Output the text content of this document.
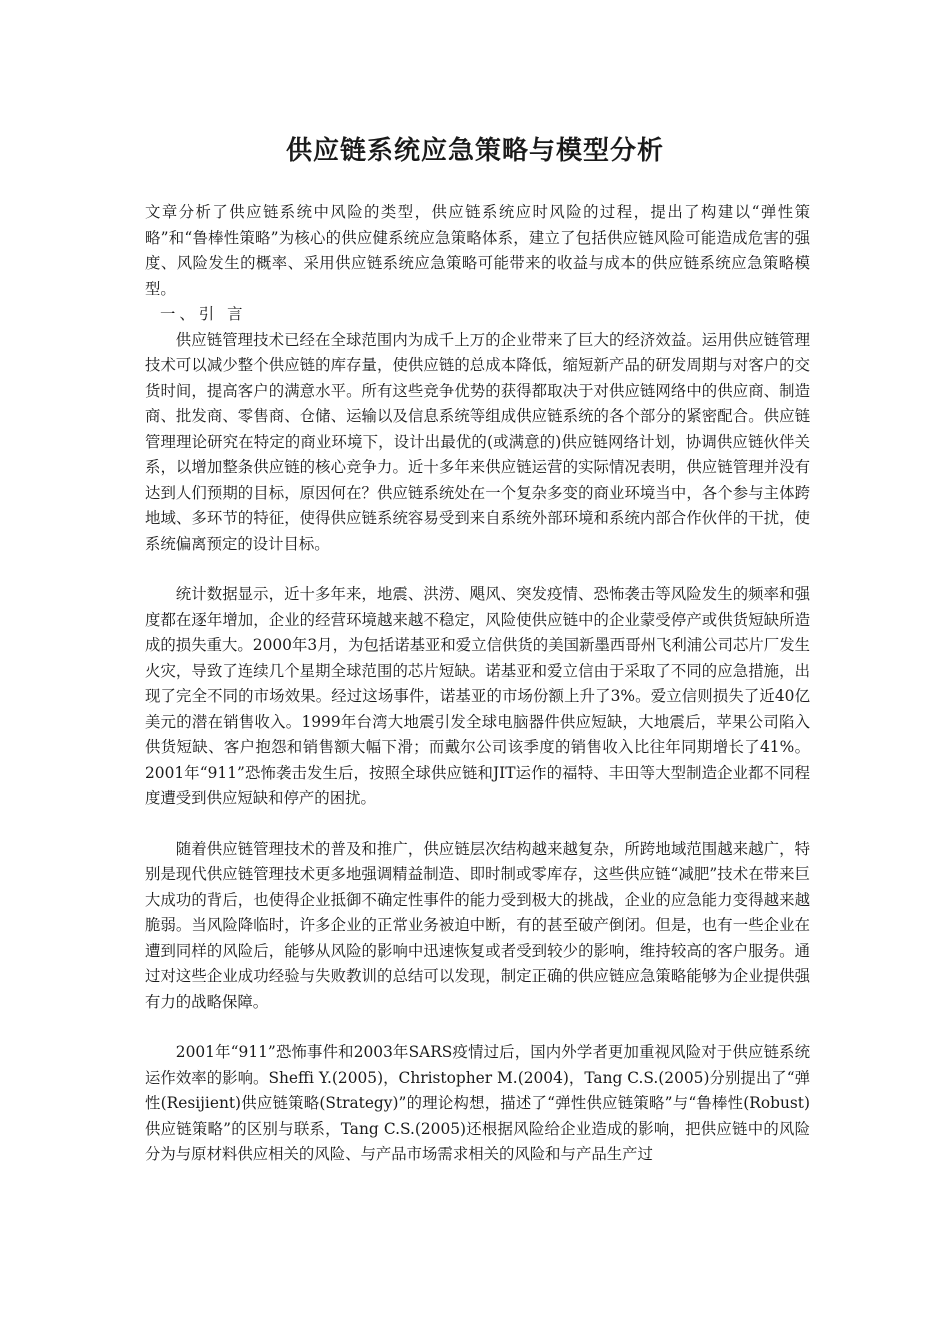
供应链系统应急策略与模型分析

文章分析了供应链系统中风险的类型，供应链系统应时风险的过程，提出了构建以“弹性策略”和“鲁棒性策略”为核心的供应健系统应急策略体系，建立了包括供应链风险可能造成危害的强度、风险发生的概率、采用供应链系统应急策略可能带来的收益与成本的供应链系统应急策略模型。

一、引 言

供应链管理技术已经在全球范围内为成千上万的企业带来了巨大的经济效益。运用供应链管理技术可以减少整个供应链的库存量，使供应链的总成本降低，缩短新产品的研发周期与对客户的交货时间，提高客户的满意水平。所有这些竞争优势的获得都取决于对供应链网络中的供应商、制造商、批发商、零售商、仓储、运输以及信息系统等组成供应链系统的各个部分的紧密配合。供应链管理理论研究在特定的商业环境下，设计出最优的(或满意的)供应链网络计划，协调供应链伙伴关系，以增加整条供应链的核心竞争力。近十多年来供应链运营的实际情况表明，供应链管理并没有达到人们预期的目标，原因何在？供应链系统处在一个复杂多变的商业环境当中，各个参与主体跨地域、多环节的特征，使得供应链系统容易受到来自系统外部环境和系统内部合作伙伴的干扰，使系统偏离预定的设计目标。

统计数据显示，近十多年来，地震、洪涝、飓风、突发疫情、恐怖袭击等风险发生的频率和强度都在逐年增加，企业的经营环境越来越不稳定，风险使供应链中的企业蒙受停产或供货短缺所造成的损失重大。2000年3月，为包括诺基亚和爱立信供货的美国新墨西哥州飞利浦公司芯片厂发生火灾，导致了连续几个星期全球范围的芯片短缺。诺基亚和爱立信由于采取了不同的应急措施，出现了完全不同的市场效果。经过这场事件，诺基亚的市场份额上升了3%。爱立信则损失了近40亿美元的潜在销售收入。1999年台湾大地震引发全球电脑器件供应短缺，大地震后，苹果公司陷入供货短缺、客户抱怨和销售额大幅下滑；而戴尔公司该季度的销售收入比往年同期增长了41%。2001年“911”恐怖袭击发生后，按照全球供应链和JIT运作的福特、丰田等大型制造企业都不同程度遭受到供应短缺和停产的困扰。

随着供应链管理技术的普及和推广，供应链层次结构越来越复杂，所跨地域范围越来越广，特别是现代供应链管理技术更多地强调精益制造、即时制或零库存，这些供应链“减肥”技术在带来巨大成功的背后，也使得企业抵御不确定性事件的能力受到极大的挑战，企业的应急能力变得越来越脆弱。当风险降临时，许多企业的正常业务被迫中断，有的甚至破产倒闭。但是，也有一些企业在遭到同样的风险后，能够从风险的影响中迅速恢复或者受到较少的影响，维持较高的客户服务。通过对这些企业成功经验与失败教训的总结可以发现，制定正确的供应链应急策略能够为企业提供强有力的战略保障。

2001年“911”恐怖事件和2003年SARS疫情过后，国内外学者更加重视风险对于供应链系统运作效率的影响。Sheffi Y.(2005)，Christopher M.(2004)，Tang C.S.(2005)分别提出了“弹性(Resijient)供应链策略(Strategy)”的理论构想，描述了“弹性供应链策略”与“鲁棒性(Robust)供应链策略”的区别与联系，Tang C.S.(2005)还根据风险给企业造成的影响，把供应链中的风险分为与原材料供应相关的风险、与产品市场需求相关的风险和与产品生产过
